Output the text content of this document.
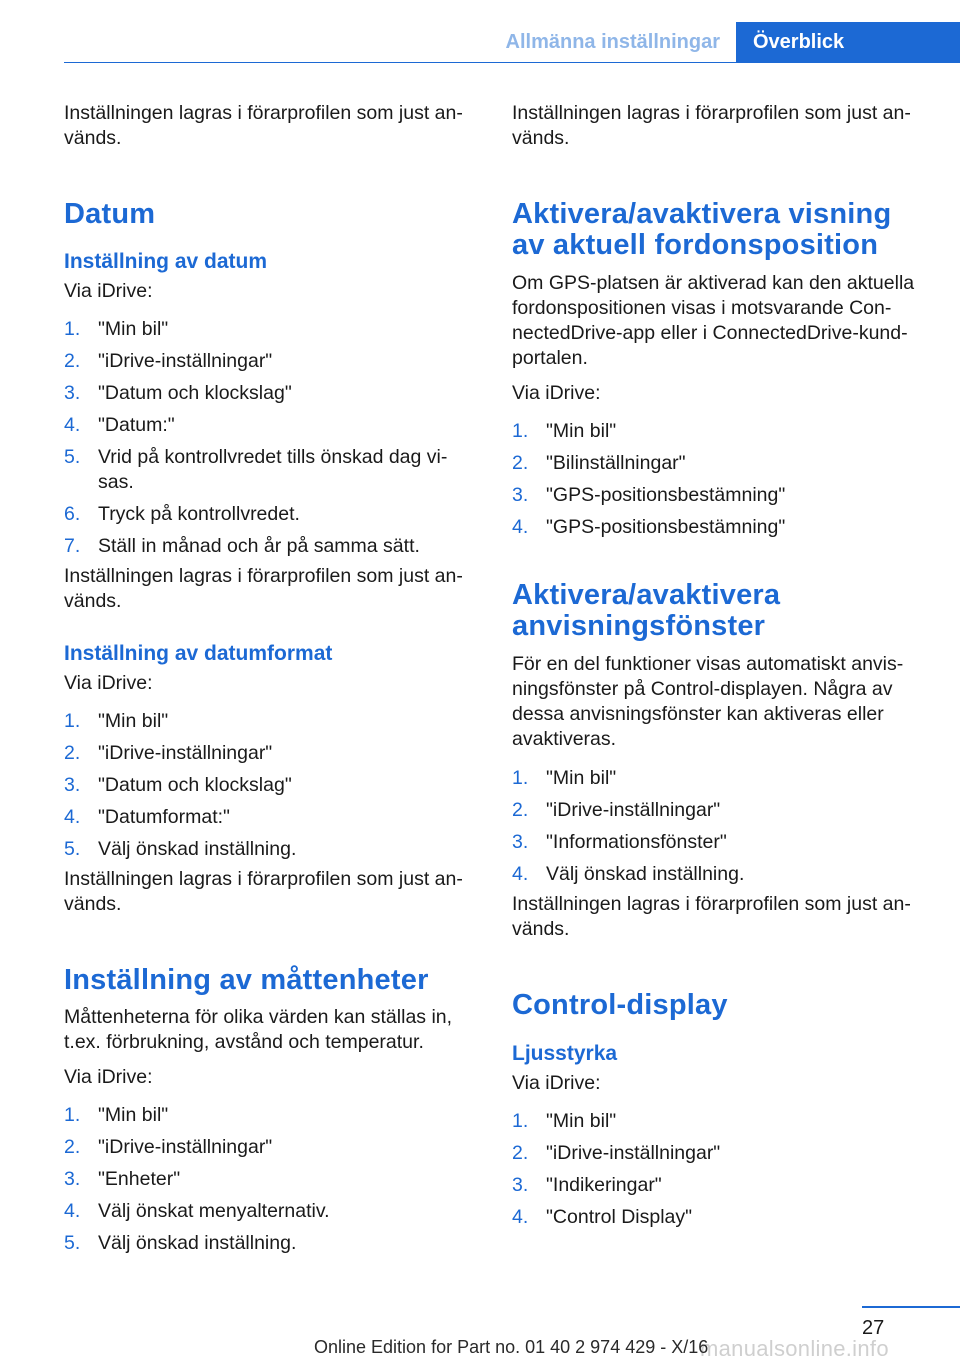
Allmänna inställningar	Överblick

Inställningen lagras i förarprofilen som just an‐ vänds.

Datum
Inställning av datum

Via iDrive:

1. "Min bil"
2. "iDrive-inställningar"
3. "Datum och klockslag"
4. "Datum:"
5. Vrid på kontrollvredet tills önskad dag vi‐ sas.
6. Tryck på kontrollvredet.
7. Ställ in månad och år på samma sätt.

Inställningen lagras i förarprofilen som just an‐ vänds.

Inställning av datumformat

Via iDrive:

1. "Min bil"
2. "iDrive-inställningar"
3. "Datum och klockslag"
4. "Datumformat:"
5. Välj önskad inställning.

Inställningen lagras i förarprofilen som just an‐ vänds.

Inställning av måttenheter

Måttenheterna för olika värden kan ställas in, t.ex. förbrukning, avstånd och temperatur.

Via iDrive:

1. "Min bil"
2. "iDrive-inställningar"
3. "Enheter"
4. Välj önskat menyalternativ.
5. Välj önskad inställning.

Inställningen lagras i förarprofilen som just an‐ vänds.

Aktivera/avaktivera visning av aktuell fordonsposition

Om GPS-platsen är aktiverad kan den aktuella fordonspositionen visas i motsvarande Con‐ nectedDrive-app eller i ConnectedDrive-kund‐ portalen.

Via iDrive:

1. "Min bil"
2. "Bilinställningar"
3. "GPS-positionsbestämning"
4. "GPS-positionsbestämning"
Aktivera/avaktivera anvisningsfönster

För en del funktioner visas automatiskt anvis‐ ningsfönster på Control-displayen. Några av dessa anvisningsfönster kan aktiveras eller avaktiveras.

1. "Min bil"
2. "iDrive-inställningar"
3. "Informationsfönster"
4. Välj önskad inställning.

Inställningen lagras i förarprofilen som just an‐ vänds.

Control-display
Ljusstyrka

Via iDrive:

1. "Min bil"
2. "iDrive-inställningar"
3. "Indikeringar"
4. "Control Display"
27
manualsonline.info
Online Edition for Part no. 01 40 2 974 429 - X/16
